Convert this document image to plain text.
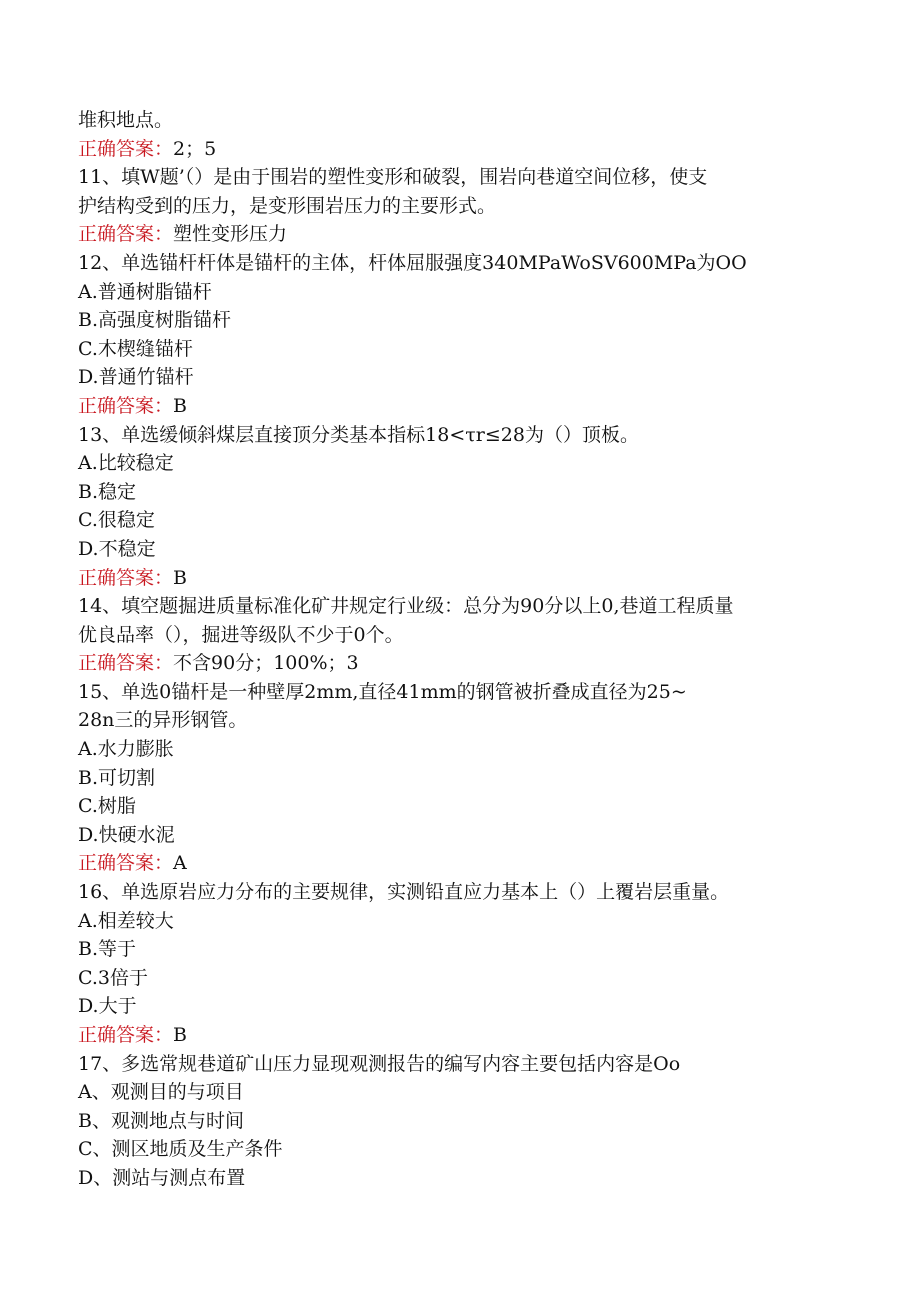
堆积地点。
正确答案：2；5
11、填W题’（）是由于围岩的塑性变形和破裂，围岩向巷道空间位移，使支
护结构受到的压力，是变形围岩压力的主要形式。
正确答案：塑性变形压力
12、单选锚杆杆体是锚杆的主体，杆体屈服强度340MPaWoSV600MPa为OO
A.普通树脂锚杆
B.高强度树脂锚杆
C.木楔缝锚杆
D.普通竹锚杆
正确答案：B
13、单选缓倾斜煤层直接顶分类基本指标18<τr≤28为（）顶板。
A.比较稳定
B.稳定
C.很稳定
D.不稳定
正确答案：B
14、填空题掘进质量标准化矿井规定行业级：总分为90分以上0,巷道工程质量
优良品率（），掘进等级队不少于0个。
正确答案：不含90分；100%；3
15、单选0锚杆是一种壁厚2mm,直径41mm的钢管被折叠成直径为25~
28n三的异形钢管。
A.水力膨胀
B.可切割
C.树脂
D.快硬水泥
正确答案：A
16、单选原岩应力分布的主要规律，实测铅直应力基本上（）上覆岩层重量。
A.相差较大
B.等于
C.3倍于
D.大于
正确答案：B
17、多选常规巷道矿山压力显现观测报告的编写内容主要包括内容是Oo
A、观测目的与项目
B、观测地点与时间
C、测区地质及生产条件
D、测站与测点布置
